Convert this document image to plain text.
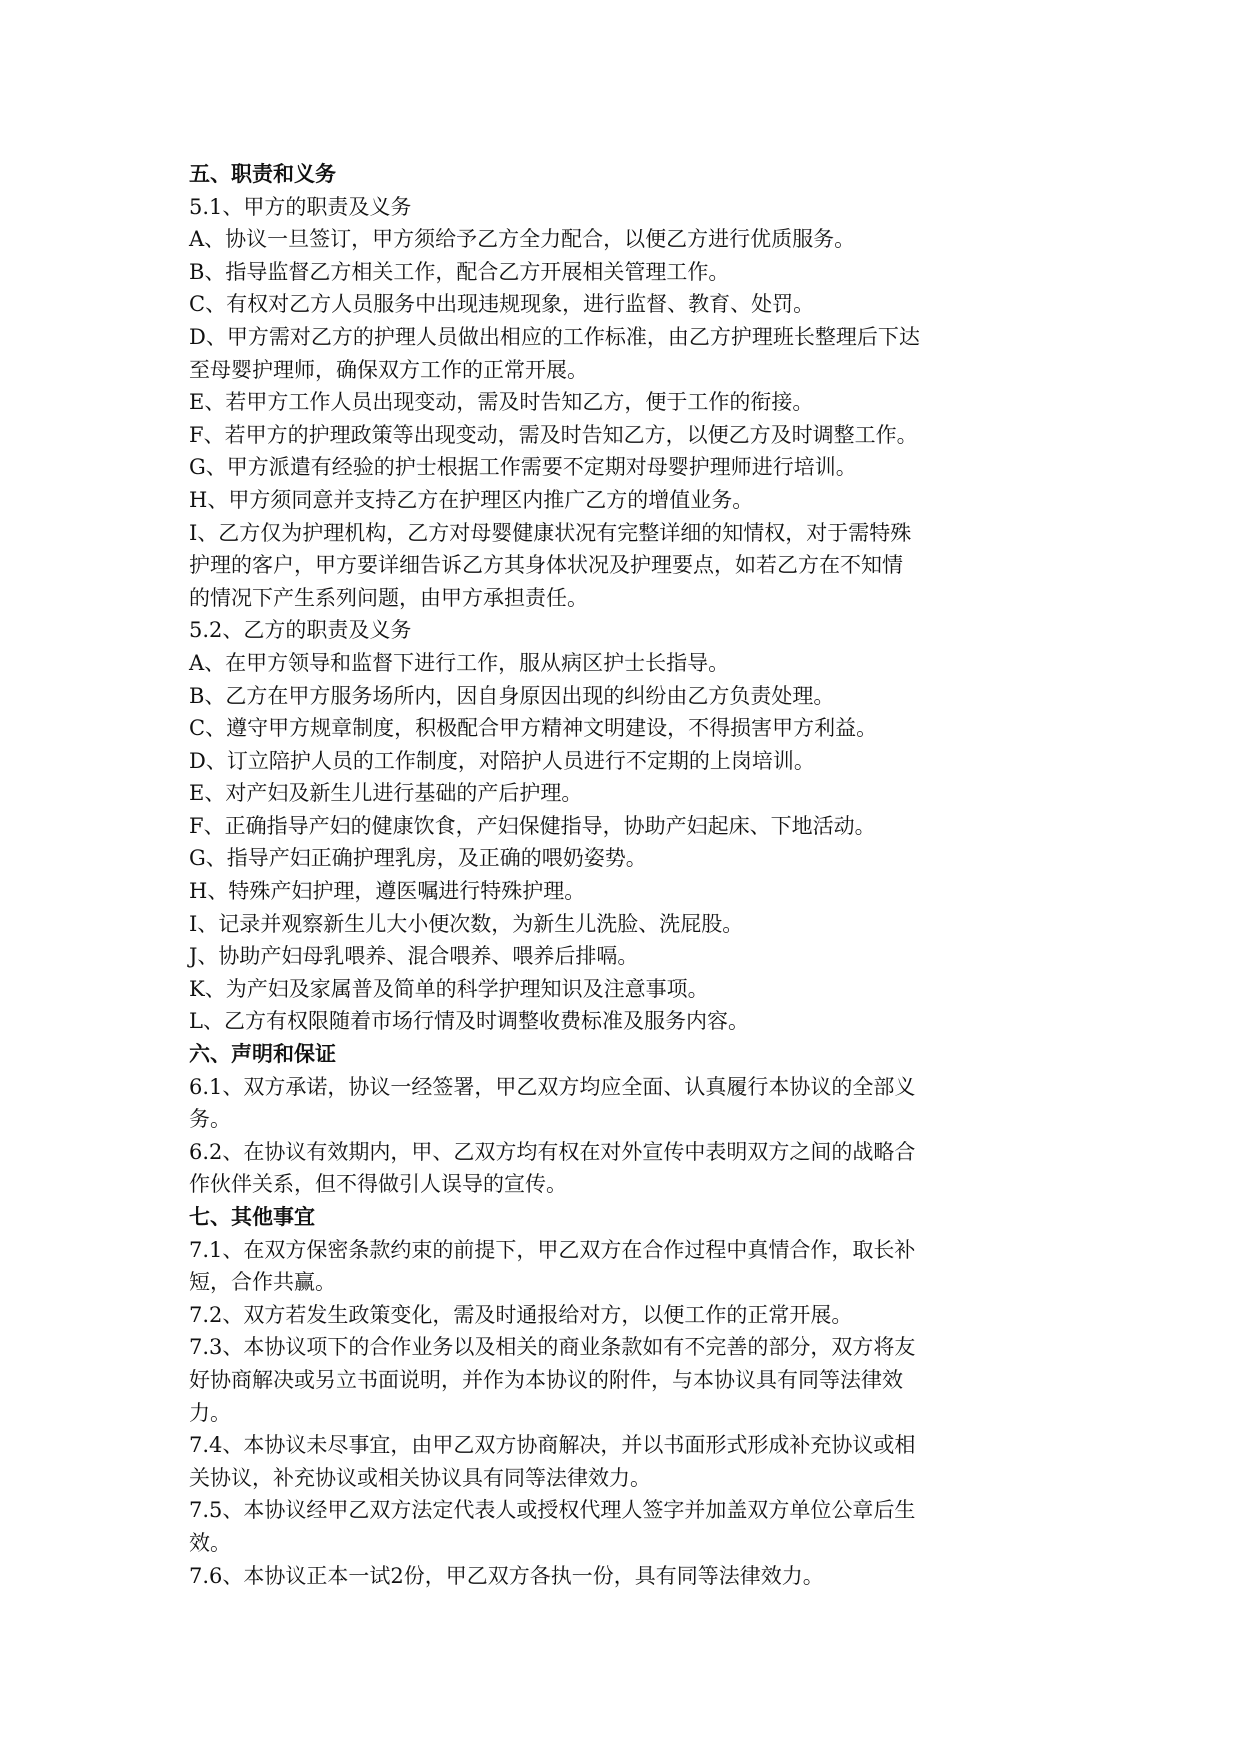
五、职责和义务

5.1、甲方的职责及义务

A、协议一旦签订，甲方须给予乙方全力配合，以便乙方进行优质服务。

B、指导监督乙方相关工作，配合乙方开展相关管理工作。

C、有权对乙方人员服务中出现违规现象，进行监督、教育、处罚。

D、甲方需对乙方的护理人员做出相应的工作标准，由乙方护理班长整理后下达

至母婴护理师，确保双方工作的正常开展。

E、若甲方工作人员出现变动，需及时告知乙方，便于工作的衔接。

F、若甲方的护理政策等出现变动，需及时告知乙方，以便乙方及时调整工作。

G、甲方派遣有经验的护士根据工作需要不定期对母婴护理师进行培训。

H、甲方须同意并支持乙方在护理区内推广乙方的增值业务。

I、乙方仅为护理机构，乙方对母婴健康状况有完整详细的知情权，对于需特殊

护理的客户，甲方要详细告诉乙方其身体状况及护理要点，如若乙方在不知情

的情况下产生系列问题，由甲方承担责任。

5.2、乙方的职责及义务

A、在甲方领导和监督下进行工作，服从病区护士长指导。

B、乙方在甲方服务场所内，因自身原因出现的纠纷由乙方负责处理。

C、遵守甲方规章制度，积极配合甲方精神文明建设，不得损害甲方利益。

D、订立陪护人员的工作制度，对陪护人员进行不定期的上岗培训。

E、对产妇及新生儿进行基础的产后护理。

F、正确指导产妇的健康饮食，产妇保健指导，协助产妇起床、下地活动。

G、指导产妇正确护理乳房，及正确的喂奶姿势。

H、特殊产妇护理，遵医嘱进行特殊护理。

I、记录并观察新生儿大小便次数，为新生儿洗脸、洗屁股。

J、协助产妇母乳喂养、混合喂养、喂养后排嗝。

K、为产妇及家属普及简单的科学护理知识及注意事项。

L、乙方有权限随着市场行情及时调整收费标准及服务内容。

六、声明和保证

6.1、双方承诺，协议一经签署，甲乙双方均应全面、认真履行本协议的全部义

务。

6.2、在协议有效期内，甲、乙双方均有权在对外宣传中表明双方之间的战略合

作伙伴关系，但不得做引人误导的宣传。

七、其他事宜

7.1、在双方保密条款约束的前提下，甲乙双方在合作过程中真情合作，取长补

短，合作共赢。

7.2、双方若发生政策变化，需及时通报给对方，以便工作的正常开展。

7.3、本协议项下的合作业务以及相关的商业条款如有不完善的部分，双方将友

好协商解决或另立书面说明，并作为本协议的附件，与本协议具有同等法律效

力。

7.4、本协议未尽事宜，由甲乙双方协商解决，并以书面形式形成补充协议或相

关协议，补充协议或相关协议具有同等法律效力。

7.5、本协议经甲乙双方法定代表人或授权代理人签字并加盖双方单位公章后生

效。

7.6、本协议正本一试2份，甲乙双方各执一份，具有同等法律效力。
